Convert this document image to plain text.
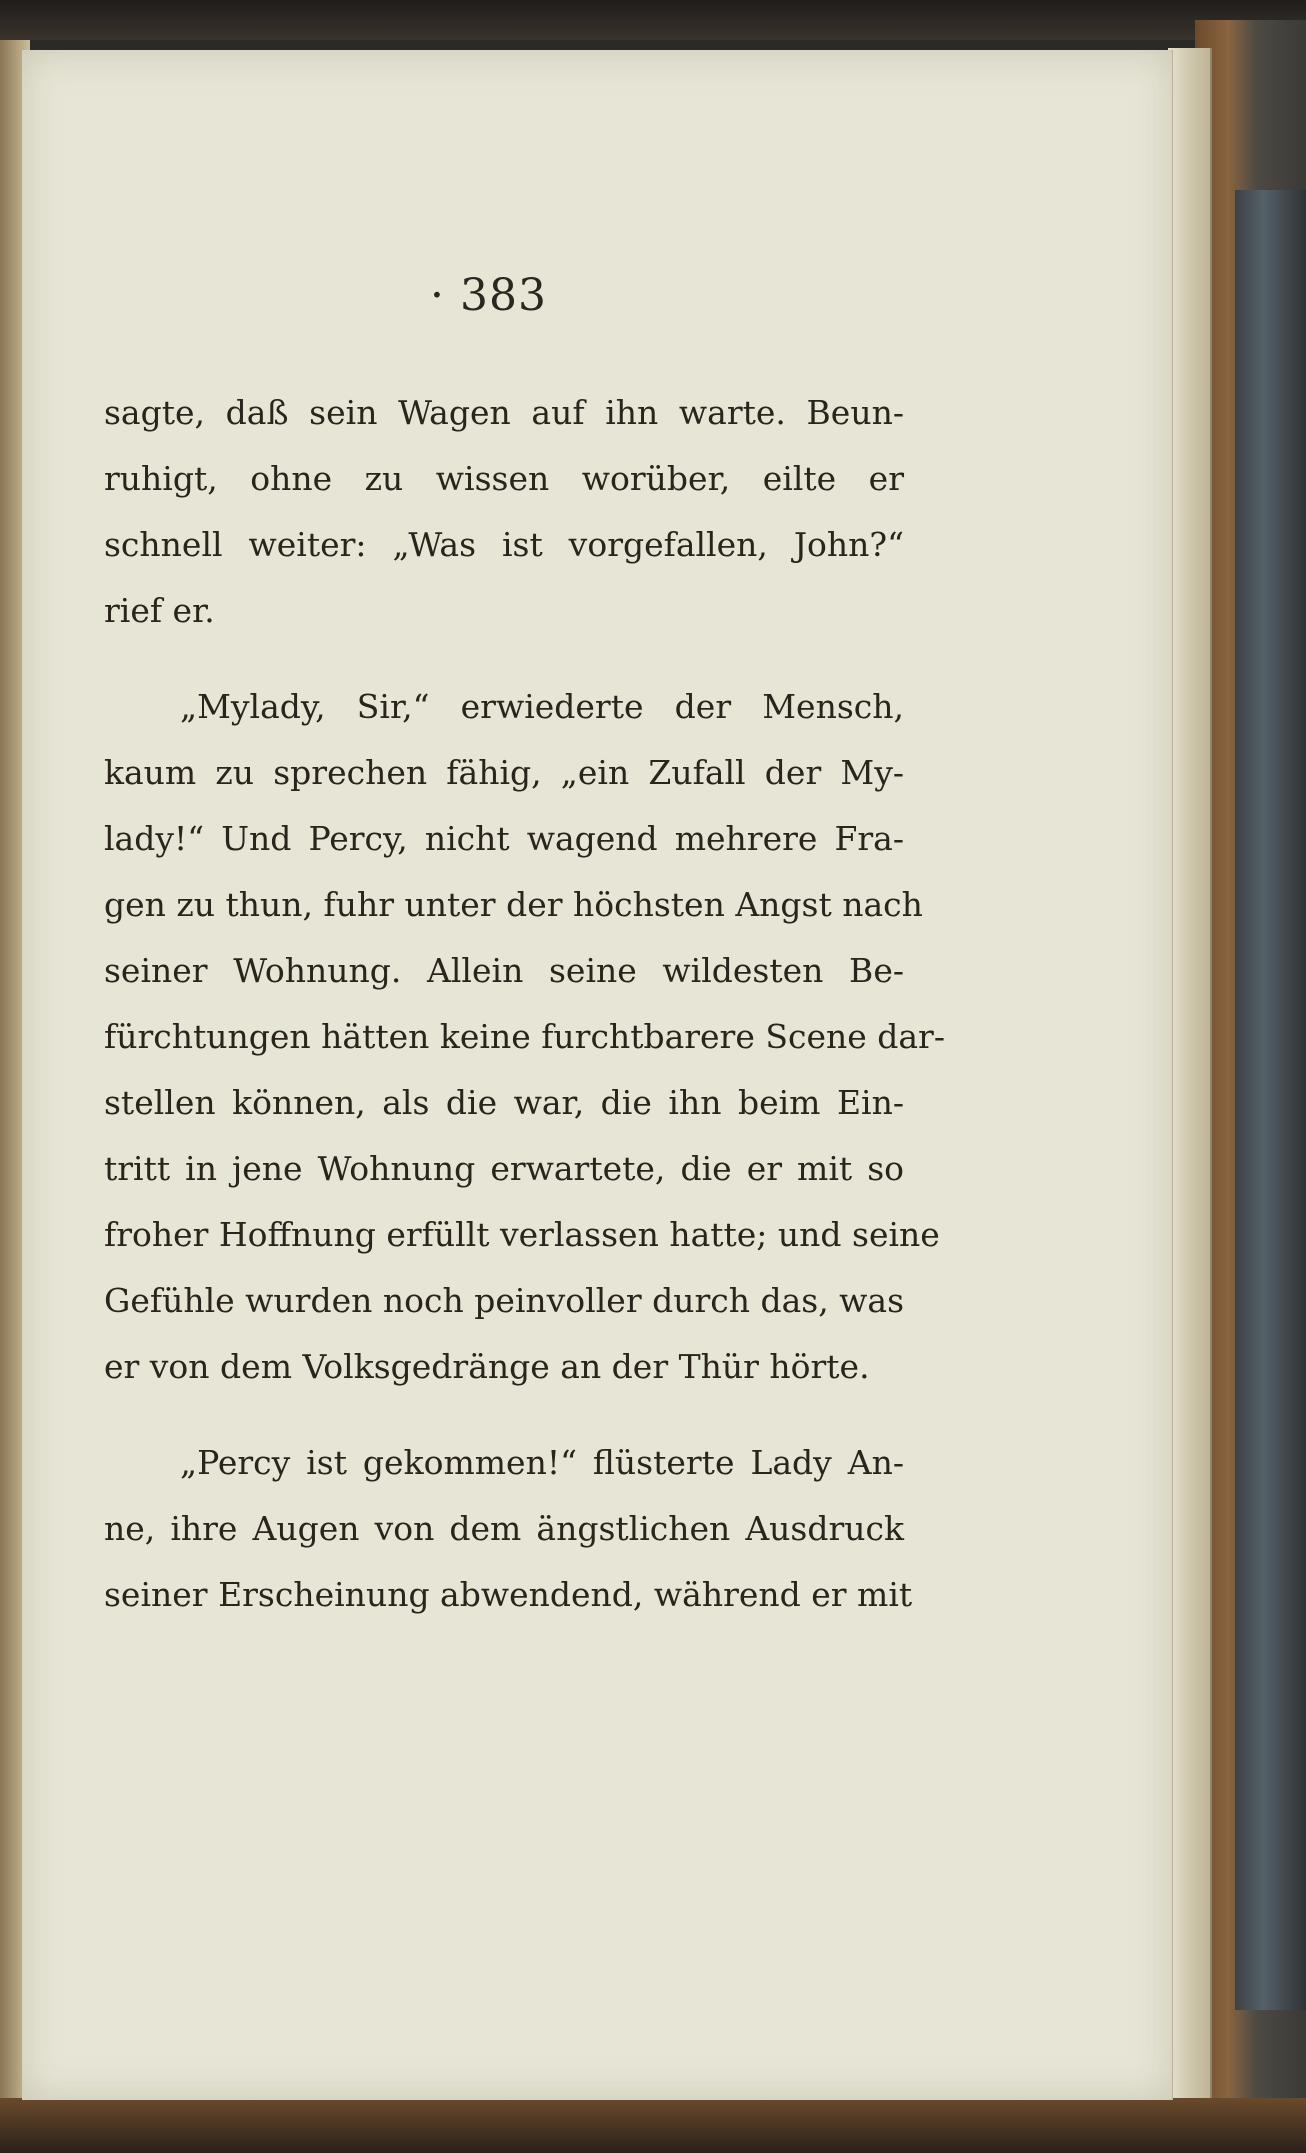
· 383
sagte, daß sein Wagen auf ihn warte. Beun-
ruhigt, ohne zu wissen worüber, eilte er
schnell weiter: „Was ist vorgefallen, John?“
rief er.
„Mylady, Sir,“ erwiederte der Mensch,
kaum zu sprechen fähig, „ein Zufall der My-
lady!“ Und Percy, nicht wagend mehrere Fra-
gen zu thun, fuhr unter der höchsten Angst nach
seiner Wohnung. Allein seine wildesten Be-
fürchtungen hätten keine furchtbarere Scene dar-
stellen können, als die war, die ihn beim Ein-
tritt in jene Wohnung erwartete, die er mit so
froher Hoffnung erfüllt verlassen hatte; und seine
Gefühle wurden noch peinvoller durch das, was
er von dem Volksgedränge an der Thür hörte.
„Percy ist gekommen!“ flüsterte Lady An-
ne, ihre Augen von dem ängstlichen Ausdruck
seiner Erscheinung abwendend, während er mit
